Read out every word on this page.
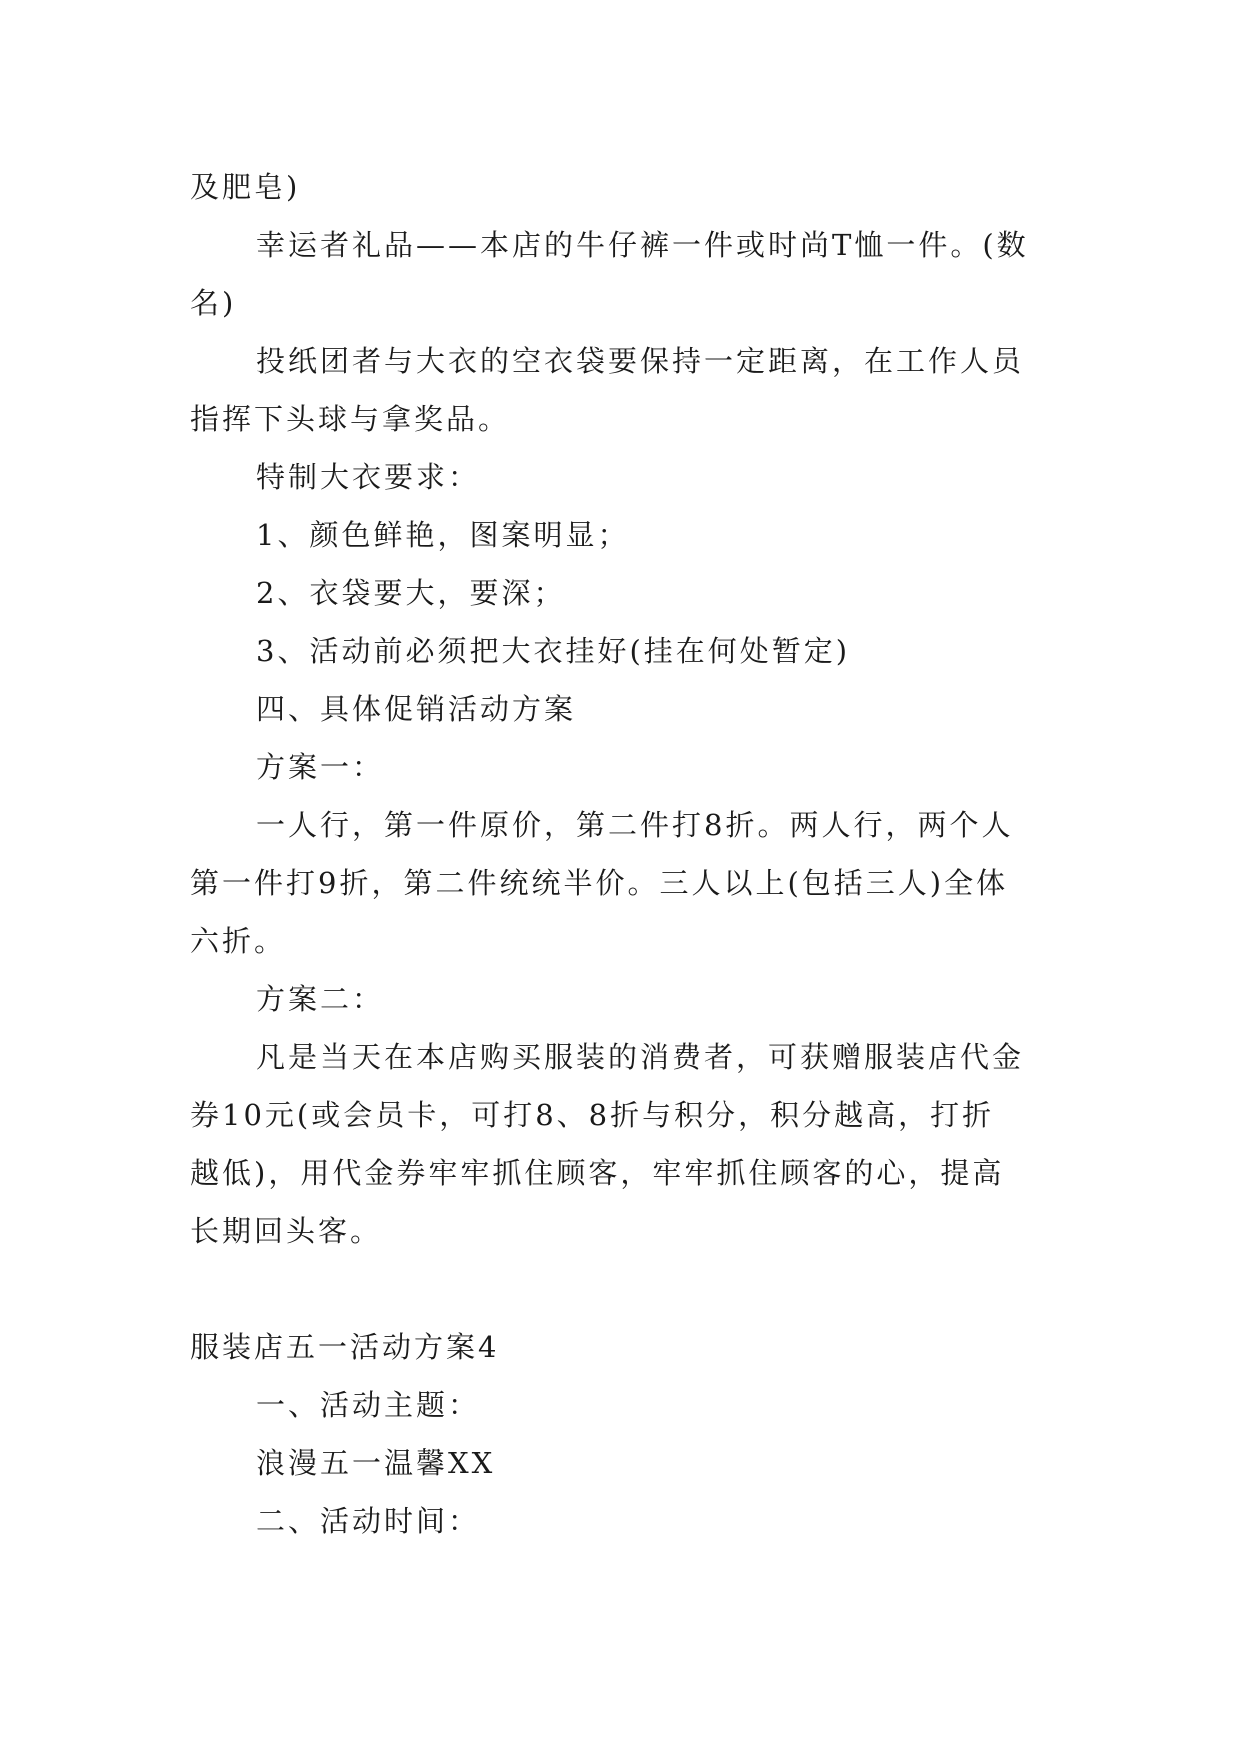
及肥皂)

幸运者礼品——本店的牛仔裤一件或时尚T恤一件。(数

名)

投纸团者与大衣的空衣袋要保持一定距离，在工作人员

指挥下头球与拿奖品。

特制大衣要求：

1、颜色鲜艳，图案明显；

2、衣袋要大，要深；

3、活动前必须把大衣挂好(挂在何处暂定)

四、具体促销活动方案

方案一：

一人行，第一件原价，第二件打8折。两人行，两个人

第一件打9折，第二件统统半价。三人以上(包括三人)全体

六折。

方案二：

凡是当天在本店购买服装的消费者，可获赠服装店代金

券10元(或会员卡，可打8、8折与积分，积分越高，打折

越低)，用代金券牢牢抓住顾客，牢牢抓住顾客的心，提高

长期回头客。

服装店五一活动方案4

一、活动主题：

浪漫五一温馨XX

二、活动时间：
